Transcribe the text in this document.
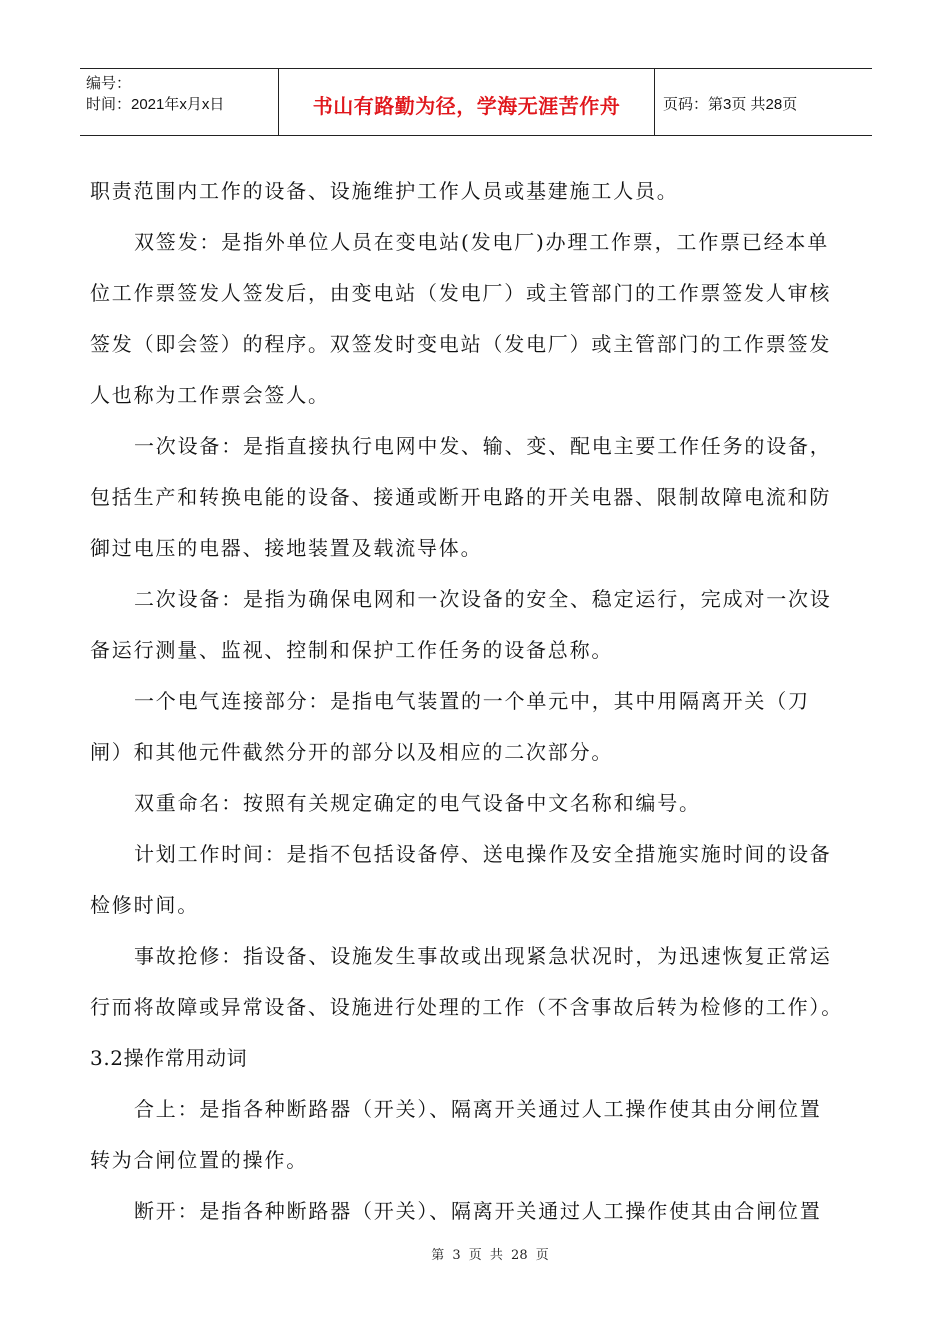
编号：
时间：2021年x月x日	书山有路勤为径，学海无涯苦作舟	页码：第3页 共28页
职责范围内工作的设备、设施维护工作人员或基建施工人员。
双签发：是指外单位人员在变电站(发电厂)办理工作票，工作票已经本单
位工作票签发人签发后，由变电站（发电厂）或主管部门的工作票签发人审核
签发（即会签）的程序。双签发时变电站（发电厂）或主管部门的工作票签发
人也称为工作票会签人。
一次设备：是指直接执行电网中发、输、变、配电主要工作任务的设备，
包括生产和转换电能的设备、接通或断开电路的开关电器、限制故障电流和防
御过电压的电器、接地装置及载流导体。
二次设备：是指为确保电网和一次设备的安全、稳定运行，完成对一次设
备运行测量、监视、控制和保护工作任务的设备总称。
一个电气连接部分：是指电气装置的一个单元中，其中用隔离开关（刀
闸）和其他元件截然分开的部分以及相应的二次部分。
双重命名：按照有关规定确定的电气设备中文名称和编号。
计划工作时间：是指不包括设备停、送电操作及安全措施实施时间的设备
检修时间。
事故抢修：指设备、设施发生事故或出现紧急状况时，为迅速恢复正常运
行而将故障或异常设备、设施进行处理的工作（不含事故后转为检修的工作）。
3.2操作常用动词
合上：是指各种断路器（开关）、隔离开关通过人工操作使其由分闸位置
转为合闸位置的操作。
断开：是指各种断路器（开关）、隔离开关通过人工操作使其由合闸位置
第 3 页 共 28 页
